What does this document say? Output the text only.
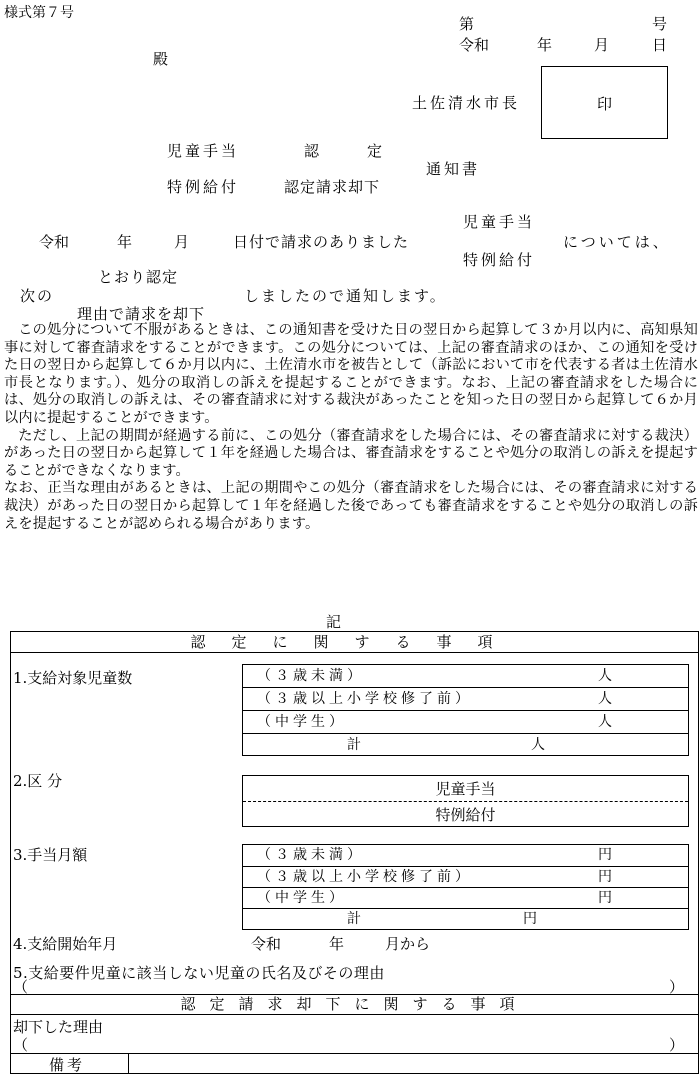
様式第７号
第	号
令和	年	月	日
殿
土佐清水市長	印
児童手当	認　　定
通知書
特例給付	認定請求却下
児童手当
令和	年	月	日付で請求のありました	については、
特例給付
とおり認定
次の	しましたので通知します。
理由で請求を却下

この処分について不服があるときは、この通知書を受けた日の翌日から起算して３か月以内に、高知県知事に対して審査請求をすることができます。この処分については、上記の審査請求のほか、この通知を受けた日の翌日から起算して６か月以内に、土佐清水市を被告として（訴訟において市を代表する者は土佐清水市長となります。）、処分の取消しの訴えを提起することができます。なお、上記の審査請求をした場合には、処分の取消しの訴えは、その審査請求に対する裁決があったことを知った日の翌日から起算して６か月以内に提起することができます。

ただし、上記の期間が経過する前に、この処分（審査請求をした場合には、その審査請求に対する裁決）があった日の翌日から起算して１年を経過した場合は、審査請求をすることや処分の取消しの訴えを提起することができなくなります。

なお、正当な理由があるときは、上記の期間やこの処分（審査請求をした場合には、その審査請求に対する裁決）があった日の翌日から起算して１年を経過した後であっても審査請求をすることや処分の取消しの訴えを提起することが認められる場合があります。

記
認定に関する事項
1.支給対象児童数	（３歳未満）	人
（３歳以上小学校修了前）	人
（中学生）	人
計	人
2.区 分	児童手当
特例給付
3.手当月額	（３歳未満）	円
（３歳以上小学校修了前）	円
（中学生）	円
計	円
4.支給開始年月	令和	年	月から
5.支給要件児童に該当しない児童の氏名及びその理由
（	）
認定請求却下に関する事項
却下した理由
（	）
備考
